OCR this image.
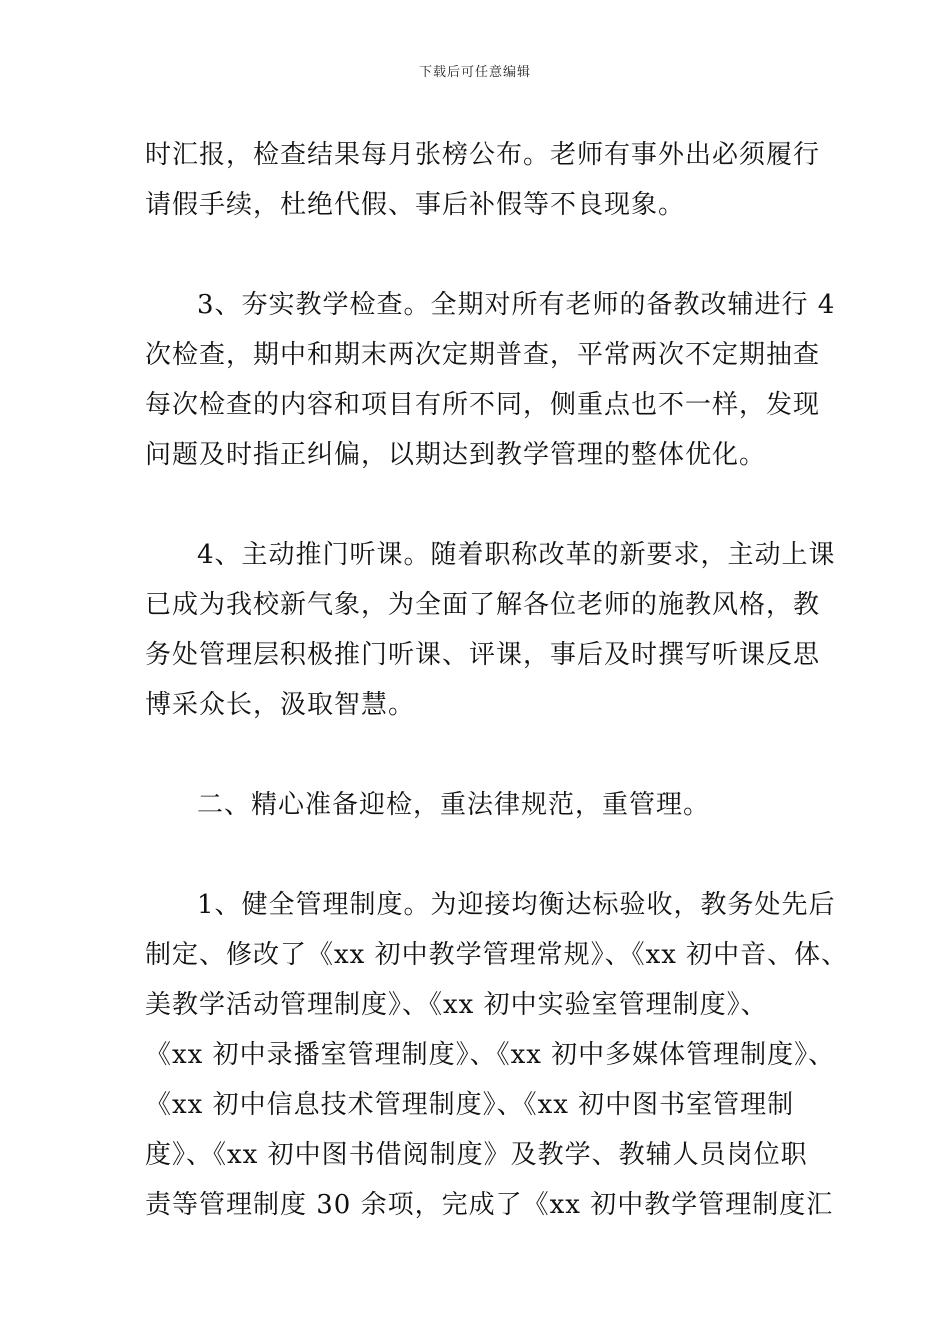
下载后可任意编辑
时汇报，检查结果每月张榜公布。老师有事外出必须履行
请假手续，杜绝代假、事后补假等不良现象。
3、夯实教学检查。全期对所有老师的备教改辅进行 4
次检查，期中和期末两次定期普查，平常两次不定期抽查
每次检查的内容和项目有所不同，侧重点也不一样，发现
问题及时指正纠偏，以期达到教学管理的整体优化。
4、主动推门听课。随着职称改革的新要求，主动上课
已成为我校新气象，为全面了解各位老师的施教风格，教
务处管理层积极推门听课、评课，事后及时撰写听课反思
博采众长，汲取智慧。
二、精心准备迎检，重法律规范，重管理。
1、健全管理制度。为迎接均衡达标验收，教务处先后
制定、修改了《xx 初中教学管理常规》、《xx 初中音、体、
美教学活动管理制度》、《xx 初中实验室管理制度》、
《xx 初中录播室管理制度》、《xx 初中多媒体管理制度》、
《xx 初中信息技术管理制度》、《xx 初中图书室管理制
度》、《xx 初中图书借阅制度》及教学、教辅人员岗位职
责等管理制度 30 余项，完成了《xx 初中教学管理制度汇
